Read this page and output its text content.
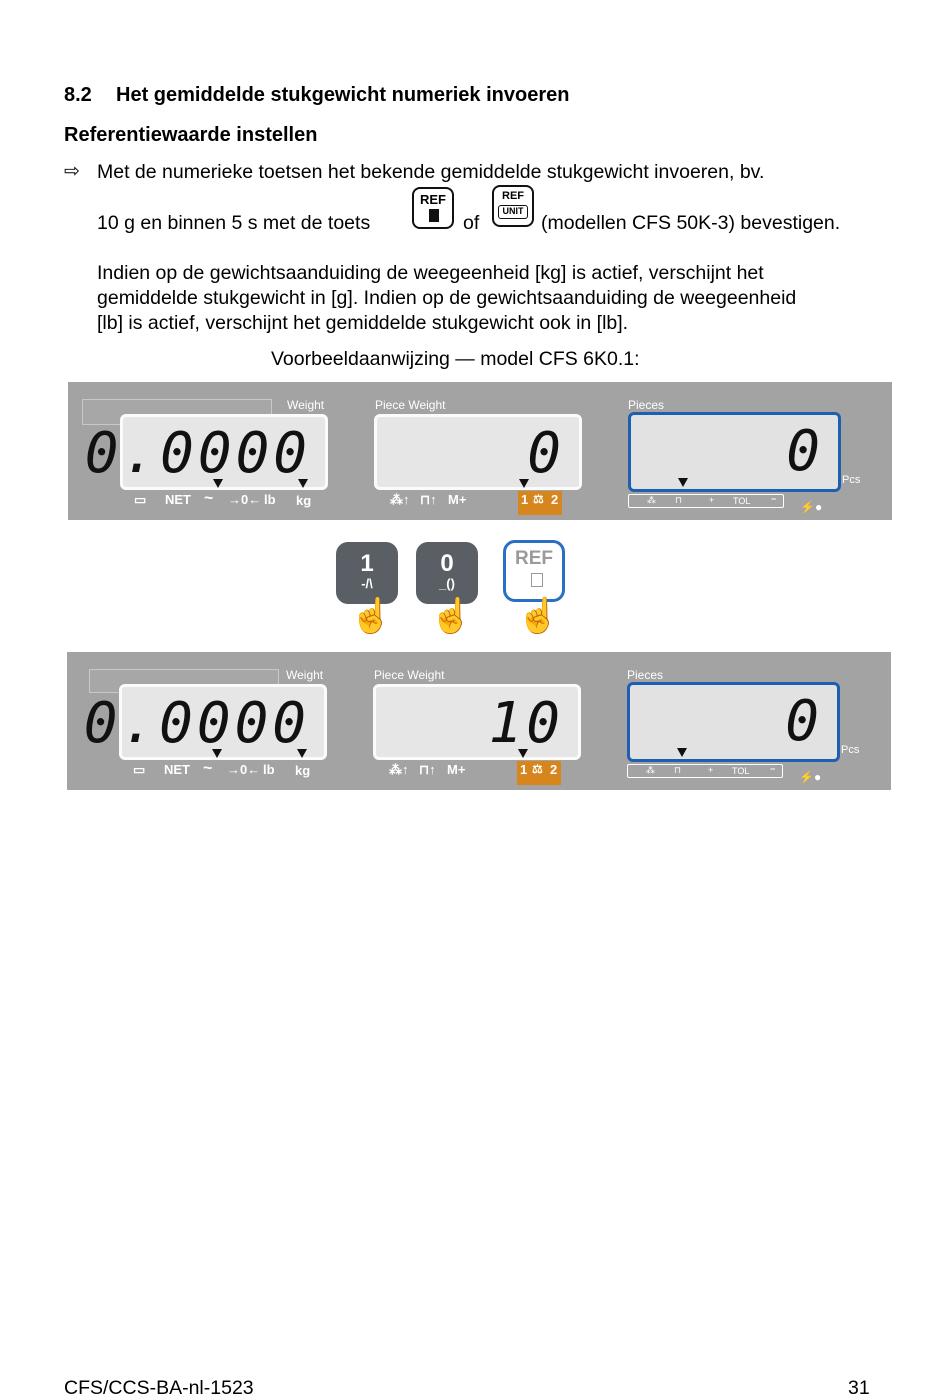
8.2 Het gemiddelde stukgewicht numeriek invoeren
Referentiewaarde instellen
⇨ Met de numerieke toetsen het bekende gemiddelde stukgewicht invoeren, bv.
10 g en binnen 5 s met de toets
REF
of
REF
UNIT
(modellen CFS 50K-3) bevestigen.
Indien op de gewichtsaanduiding de weegeenheid [kg] is actief, verschijnt het
gemiddelde stukgewicht in [g]. Indien op de gewichtsaanduiding de weegeenheid
[lb] is actief, verschijnt het gemiddelde stukgewicht ook in [lb].
Voorbeeldaanwijzing — model CFS 6K0.1:
Weight	Piece Weight	Pieces
0.0000	0	0 Pcs
▭ NET ~ →0← lb kg	⁂↑ ⊓↑ M+	1 ⚖ 2	⁂ ⊓	+ TOL −
⚡●
1
-/\
☝
0
_()
☝
REF
☝
Weight	Piece Weight	Pieces
0.0000	10	0 Pcs
▭ NET ~ →0← lb kg	⁂↑ ⊓↑ M+	1 ⚖ 2	⁂ ⊓	+ TOL −
⚡●
CFS/CCS-BA-nl-1523	31
